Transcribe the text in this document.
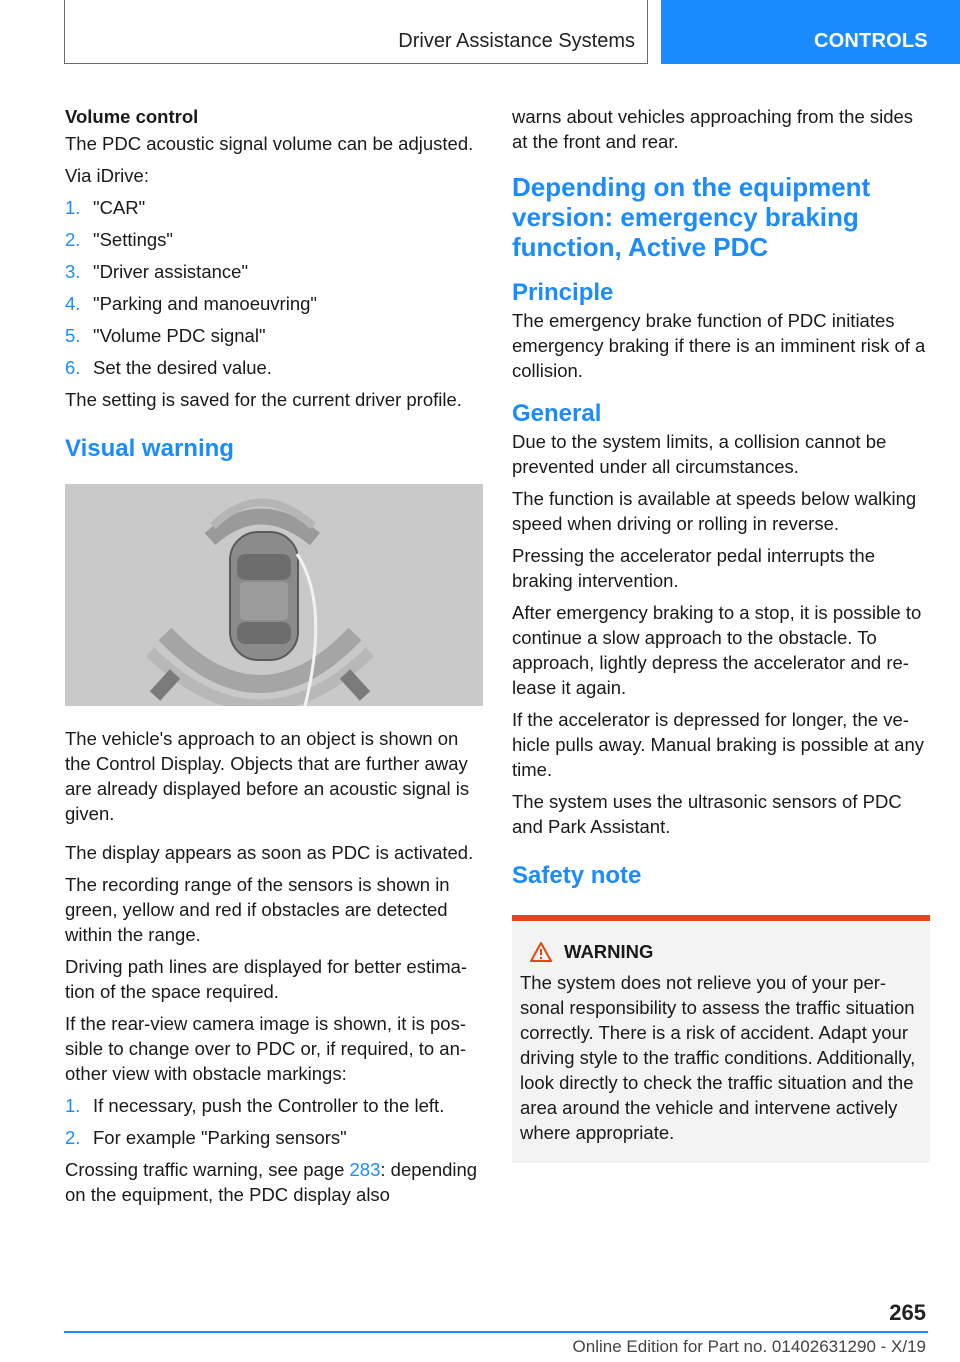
Driver Assistance Systems	CONTROLS

Volume control

The PDC acoustic signal volume can be adjusted.

Via iDrive:

1. "CAR"
2. "Settings"
3. "Driver assistance"
4. "Parking and manoeuvring"
5. "Volume PDC signal"
6. Set the desired value.

The setting is saved for the current driver profile.

Visual warning

The vehicle's approach to an object is shown on the Control Display. Objects that are further away are already displayed before an acoustic signal is given.

The display appears as soon as PDC is activated.

The recording range of the sensors is shown in green, yellow and red if obstacles are detected within the range.

Driving path lines are displayed for better estimation of the space required.

If the rear-view camera image is shown, it is possible to change over to PDC or, if required, to another view with obstacle markings:

1. If necessary, push the Controller to the left.
2. For example "Parking sensors"

Crossing traffic warning, see page 283: depending on the equipment, the PDC display also

warns about vehicles approaching from the sides at the front and rear.

Depending on the equipment version: emergency braking function, Active PDC
Principle

The emergency brake function of PDC initiates emergency braking if there is an imminent risk of a collision.

General

Due to the system limits, a collision cannot be prevented under all circumstances.

The function is available at speeds below walking speed when driving or rolling in reverse.

Pressing the accelerator pedal interrupts the braking intervention.

After emergency braking to a stop, it is possible to continue a slow approach to the obstacle. To approach, lightly depress the accelerator and release it again.

If the accelerator is depressed for longer, the vehicle pulls away. Manual braking is possible at any time.

The system uses the ultrasonic sensors of PDC and Park Assistant.

Safety note
WARNING

The system does not relieve you of your personal responsibility to assess the traffic situation correctly. There is a risk of accident. Adapt your driving style to the traffic conditions. Additionally, look directly to check the traffic situation and the area around the vehicle and intervene actively where appropriate.

265
Online Edition for Part no. 01402631290 - X/19
